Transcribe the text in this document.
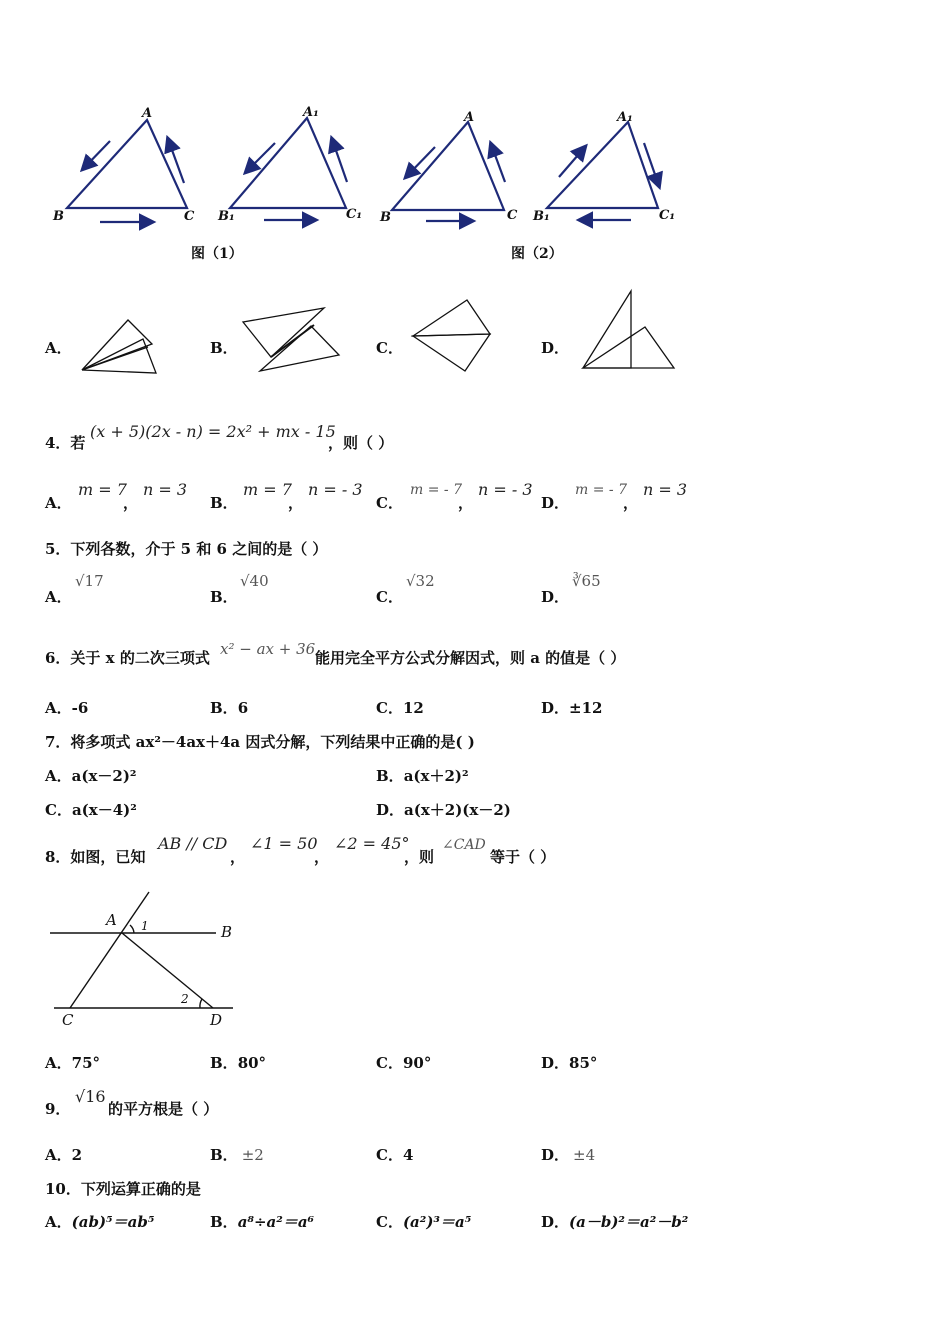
A
B	C
A₁
B₁	C₁
A
B	C
A₁
B₁	C₁
图（1）	图（2）
A．	B．	C．	D．
4．若
(x + 5)(2x - n) = 2x² + mx - 15
，则（ ）
A．
m = 7
，
n = 3
B．
m = 7
，
n = - 3
C．
m = - 7
，
n = - 3
D．
m = - 7
，
n = 3
5．下列各数，介于 5 和 6 之间的是（ ）
A．
√17
B．
√40
C．
√32
D．
∛65
6．关于 x 的二次三项式 x² − ax + 36 能用完全平方公式分解因式，则 a 的值是（ ）
A．-6	B．6	C．12	D．±12
7．将多项式 ax²－4ax＋4a 因式分解，下列结果中正确的是( )
A．a(x－2)²	B．a(x＋2)²
C．a(x－4)²	D．a(x＋2)(x－2)
8．如图，已知
AB // CD
，
∠1 = 50
，
∠2 = 45°
，则
∠CAD
等于（ ）
A
B
C	D
1
2
A．75°	B．80°	C．90°	D．85°
9．
√16
的平方根是（ ）
A．2	B． ±2	C．4	D． ±4
10．下列运算正确的是
A．(ab)⁵＝ab⁵	B．a⁸÷a²＝a⁶	C．(a²)³＝a⁵	D．(a－b)²＝a²－b²
